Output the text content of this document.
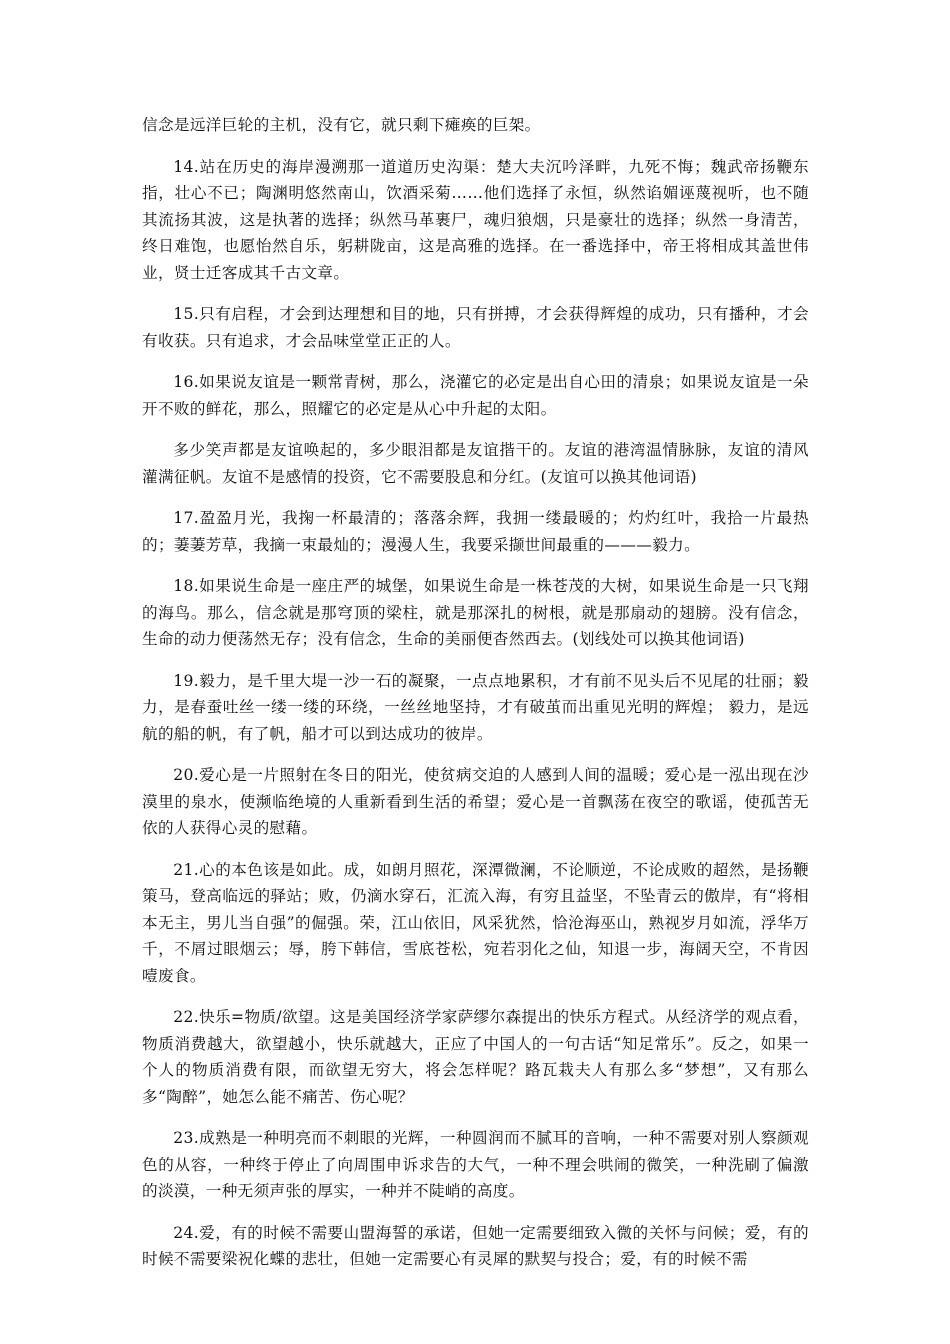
信念是远洋巨轮的主机，没有它，就只剩下瘫痪的巨架。

14.站在历史的海岸漫溯那一道道历史沟渠：楚大夫沉吟泽畔，九死不悔；魏武帝扬鞭东指，壮心不已；陶渊明悠然南山，饮酒采菊……他们选择了永恒，纵然谄媚诬蔑视听，也不随其流扬其波，这是执著的选择；纵然马革裹尸，魂归狼烟，只是豪壮的选择；纵然一身清苦，终日难饱，也愿怡然自乐，躬耕陇亩，这是高雅的选择。在一番选择中，帝王将相成其盖世伟业，贤士迁客成其千古文章。

15.只有启程，才会到达理想和目的地，只有拼搏，才会获得辉煌的成功，只有播种，才会有收获。只有追求，才会品味堂堂正正的人。

16.如果说友谊是一颗常青树，那么，浇灌它的必定是出自心田的清泉；如果说友谊是一朵开不败的鲜花，那么，照耀它的必定是从心中升起的太阳。

多少笑声都是友谊唤起的，多少眼泪都是友谊揩干的。友谊的港湾温情脉脉，友谊的清风灌满征帆。友谊不是感情的投资，它不需要股息和分红。(友谊可以换其他词语)

17.盈盈月光，我掬一杯最清的；落落余辉，我拥一缕最暖的；灼灼红叶，我拾一片最热的；萋萋芳草，我摘一束最灿的；漫漫人生，我要采撷世间最重的———毅力。

18.如果说生命是一座庄严的城堡，如果说生命是一株苍茂的大树，如果说生命是一只飞翔的海鸟。那么，信念就是那穹顶的梁柱，就是那深扎的树根，就是那扇动的翅膀。没有信念，生命的动力便荡然无存；没有信念，生命的美丽便杳然西去。(划线处可以换其他词语)

19.毅力，是千里大堤一沙一石的凝聚，一点点地累积，才有前不见头后不见尾的壮丽；毅力，是春蚕吐丝一缕一缕的环绕，一丝丝地坚持，才有破茧而出重见光明的辉煌； 毅力，是远航的船的帆，有了帆，船才可以到达成功的彼岸。

20.爱心是一片照射在冬日的阳光，使贫病交迫的人感到人间的温暖；爱心是一泓出现在沙漠里的泉水，使濒临绝境的人重新看到生活的希望；爱心是一首飘荡在夜空的歌谣，使孤苦无依的人获得心灵的慰藉。

21.心的本色该是如此。成，如朗月照花，深潭微澜，不论顺逆，不论成败的超然，是扬鞭策马，登高临远的驿站；败，仍滴水穿石，汇流入海，有穷且益坚，不坠青云的傲岸，有“将相本无主，男儿当自强”的倔强。荣，江山依旧，风采犹然，恰沧海巫山，熟视岁月如流，浮华万千，不屑过眼烟云；辱，胯下韩信，雪底苍松，宛若羽化之仙，知退一步，海阔天空，不肯因噎废食。

22.快乐=物质/欲望。这是美国经济学家萨缪尔森提出的快乐方程式。从经济学的观点看，物质消费越大，欲望越小，快乐就越大，正应了中国人的一句古话“知足常乐”。反之，如果一个人的物质消费有限，而欲望无穷大，将会怎样呢？路瓦栽夫人有那么多“梦想”，又有那么多“陶醉”，她怎么能不痛苦、伤心呢？

23.成熟是一种明亮而不刺眼的光辉，一种圆润而不腻耳的音响，一种不需要对别人察颜观色的从容，一种终于停止了向周围申诉求告的大气，一种不理会哄闹的微笑，一种洗刷了偏激的淡漠，一种无须声张的厚实，一种并不陡峭的高度。

24.爱，有的时候不需要山盟海誓的承诺，但她一定需要细致入微的关怀与问候；爱，有的时候不需要梁祝化蝶的悲壮，但她一定需要心有灵犀的默契与投合；爱，有的时候不需
